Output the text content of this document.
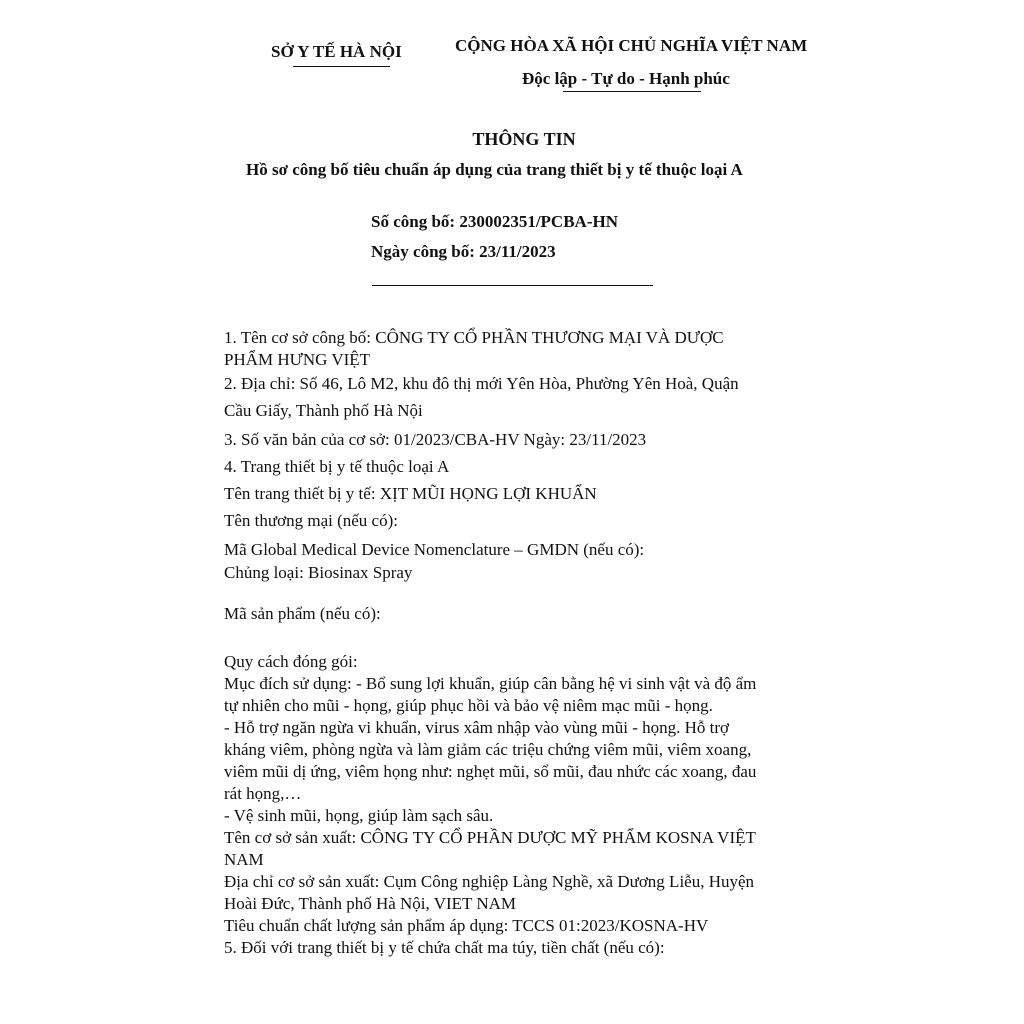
SỞ Y TẾ HÀ NỘI	CỘNG HÒA XÃ HỘI CHỦ NGHĨA VIỆT NAM
Độc lập - Tự do - Hạnh phúc
THÔNG TIN
Hồ sơ công bố tiêu chuẩn áp dụng của trang thiết bị y tế thuộc loại A
Số công bố: 230002351/PCBA-HN
Ngày công bố: 23/11/2023
1. Tên cơ sở công bố: CÔNG TY CỔ PHẦN THƯƠNG MẠI VÀ DƯỢC
PHẨM HƯNG VIỆT
2. Địa chỉ: Số 46, Lô M2, khu đô thị mới Yên Hòa, Phường Yên Hoà, Quận
Cầu Giấy, Thành phố Hà Nội
3. Số văn bản của cơ sở: 01/2023/CBA-HV Ngày: 23/11/2023
4. Trang thiết bị y tế thuộc loại A
Tên trang thiết bị y tế: XỊT MŨI HỌNG LỢI KHUẨN
Tên thương mại (nếu có):
Mã Global Medical Device Nomenclature – GMDN (nếu có):
Chủng loại: Biosinax Spray
Mã sản phẩm (nếu có):
Quy cách đóng gói:
Mục đích sử dụng: - Bổ sung lợi khuẩn, giúp cân bằng hệ vi sinh vật và độ ẩm
tự nhiên cho mũi - họng, giúp phục hồi và bảo vệ niêm mạc mũi - họng.
- Hỗ trợ ngăn ngừa vi khuẩn, virus xâm nhập vào vùng mũi - họng. Hỗ trợ
kháng viêm, phòng ngừa và làm giảm các triệu chứng viêm mũi, viêm xoang,
viêm mũi dị ứng, viêm họng như: nghẹt mũi, sổ mũi, đau nhức các xoang, đau
rát họng,…
- Vệ sinh mũi, họng, giúp làm sạch sâu.
Tên cơ sở sản xuất: CÔNG TY CỔ PHẦN DƯỢC MỸ PHẨM KOSNA VIỆT
NAM
Địa chỉ cơ sở sản xuất: Cụm Công nghiệp Làng Nghề, xã Dương Liễu, Huyện
Hoài Đức, Thành phố Hà Nội, VIET NAM
Tiêu chuẩn chất lượng sản phẩm áp dụng: TCCS 01:2023/KOSNA-HV
5. Đối với trang thiết bị y tế chứa chất ma túy, tiền chất (nếu có):
